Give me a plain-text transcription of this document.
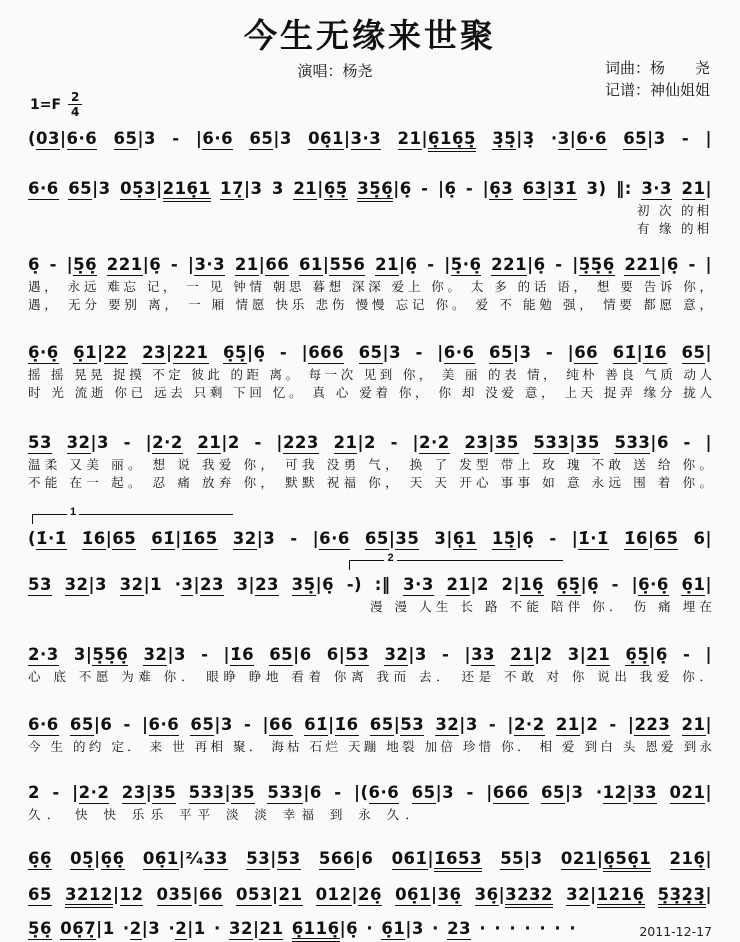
今生无缘来世聚
演唱：杨尧	词曲：杨　　尧
记谱：神仙姐姐
$1=F \frac{2}{4}$
(03|6·6 65|3 - |6·6 65|3 06̣1|3·3 21|6̣16̣5̣ 3̣5̣|3̣ ·3|6·6 65|3 - |
6·6 65|3 05̣3|216̣1 17̣|3 3 21|6̣5̣ 35̣6̣|6̣ - |6̣ - |6̣3 63|31̇ 3) ‖: 3·3 21|
初 次 的相
有 缘 的相
6̣ - |5̣6̣ 221|6̣ - |3·3 21|66 61|556 21|6̣ - |5̣·6̣ 221|6̣ - |5̣5̣6̣ 221|6̣ - |
遇， 永远 难忘 记， 一 见 钟情 朝思 暮想 深深 爱上 你。 太 多 的话 语， 想 要 告诉 你，
遇， 无分 要别 离， 一 厢 情愿 快乐 悲伤 慢慢 忘记 你。 爱 不 能勉 强， 情要 都愿 意，
6̣·6̣ 6̣1|22 23|221 6̣5̣|6̣ - |666 65|3 - |6·6 65|3 - |66 61̇|1̇6 65|
摇 摇 晃晃 捉摸 不定 彼此 的距 离。 每一次 见到 你， 美 丽 的表 情， 纯朴 善良 气质 动人
时 光 流逝 你已 远去 只剩 下回 忆。 真 心 爱着 你， 你 却 没爱 意， 上天 捉弄 缘分 拢人
53 32|3 - |2·2 21|2 - |223 21|2 - |2·2 23|35 533|35 533|6 - |
温柔 又美 丽。 想 说 我爱 你， 可我 没勇 气， 换 了 发型 带上 玫 瑰 不敢 送 给 你。
不能 在一 起。 忍 痛 放弃 你， 默默 祝福 你， 天 天 开心 事事 如 意 永远 围 着 你。
1
(1̇·1̇ 1̇6|65 61̇|1̇65 32|3 - |6·6 65|35 3|6̣1 15̣|6̣ - |1̇·1̇ 1̇6|65 6|
2
53 32|3 32|1 ·3|23 3|23 35̣|6̣ -) :‖ 3·3 21|2 2|16̣ 6̣5̣|6̣ - |6̣·6̣ 6̣1|
漫 漫 人生 长 路 不能 陪伴 你． 伤 痛 埋在
2·3 3|5̣5̣6̣ 32|3 - |1̇6 65|6 6|53 32|3 - |33 21|2 3|21 6̣5̣|6̣ - |
心 底 不愿 为难 你． 眼睁 睁地 看着 你离 我而 去． 还是 不敢 对 你 说出 我爱 你．
6·6 65|6 - |6·6 65|3 - |66 61̇|1̇6 65|53 32|3 - |2·2 21|2 - |223 21|
今 生 的约 定． 来 世 再相 聚． 海枯 石烂 天蹦 地裂 加倍 珍惜 你． 相 爱 到白 头 恩爱 到永
2 - |2·2 23|35 533|35 533|6 - |(6·6 65|3 - |666 65|3 ·12|33 021|
久． 快 快 乐乐 平平 淡 淡 幸福 到 永 久．
6̣6̣ 05̣|6̣6̣ 06̣1|²⁄₄33 53|53 566|6 061̇|1̇653 55|3 021|6̣56̣1 216̣|
65 3212|12 035|66 053|21 012|26̣ 06̣1|36̣ 36̣|3232 32|1216̣ 5̣3̣2̣3̣|
5̣6̣ 06̣7̣|1 ·2|3 ·2|1 · 32|21 6̣116̣|6̣ · 6̣1|3 · 23 · · · · · · ·	2011-12-17
